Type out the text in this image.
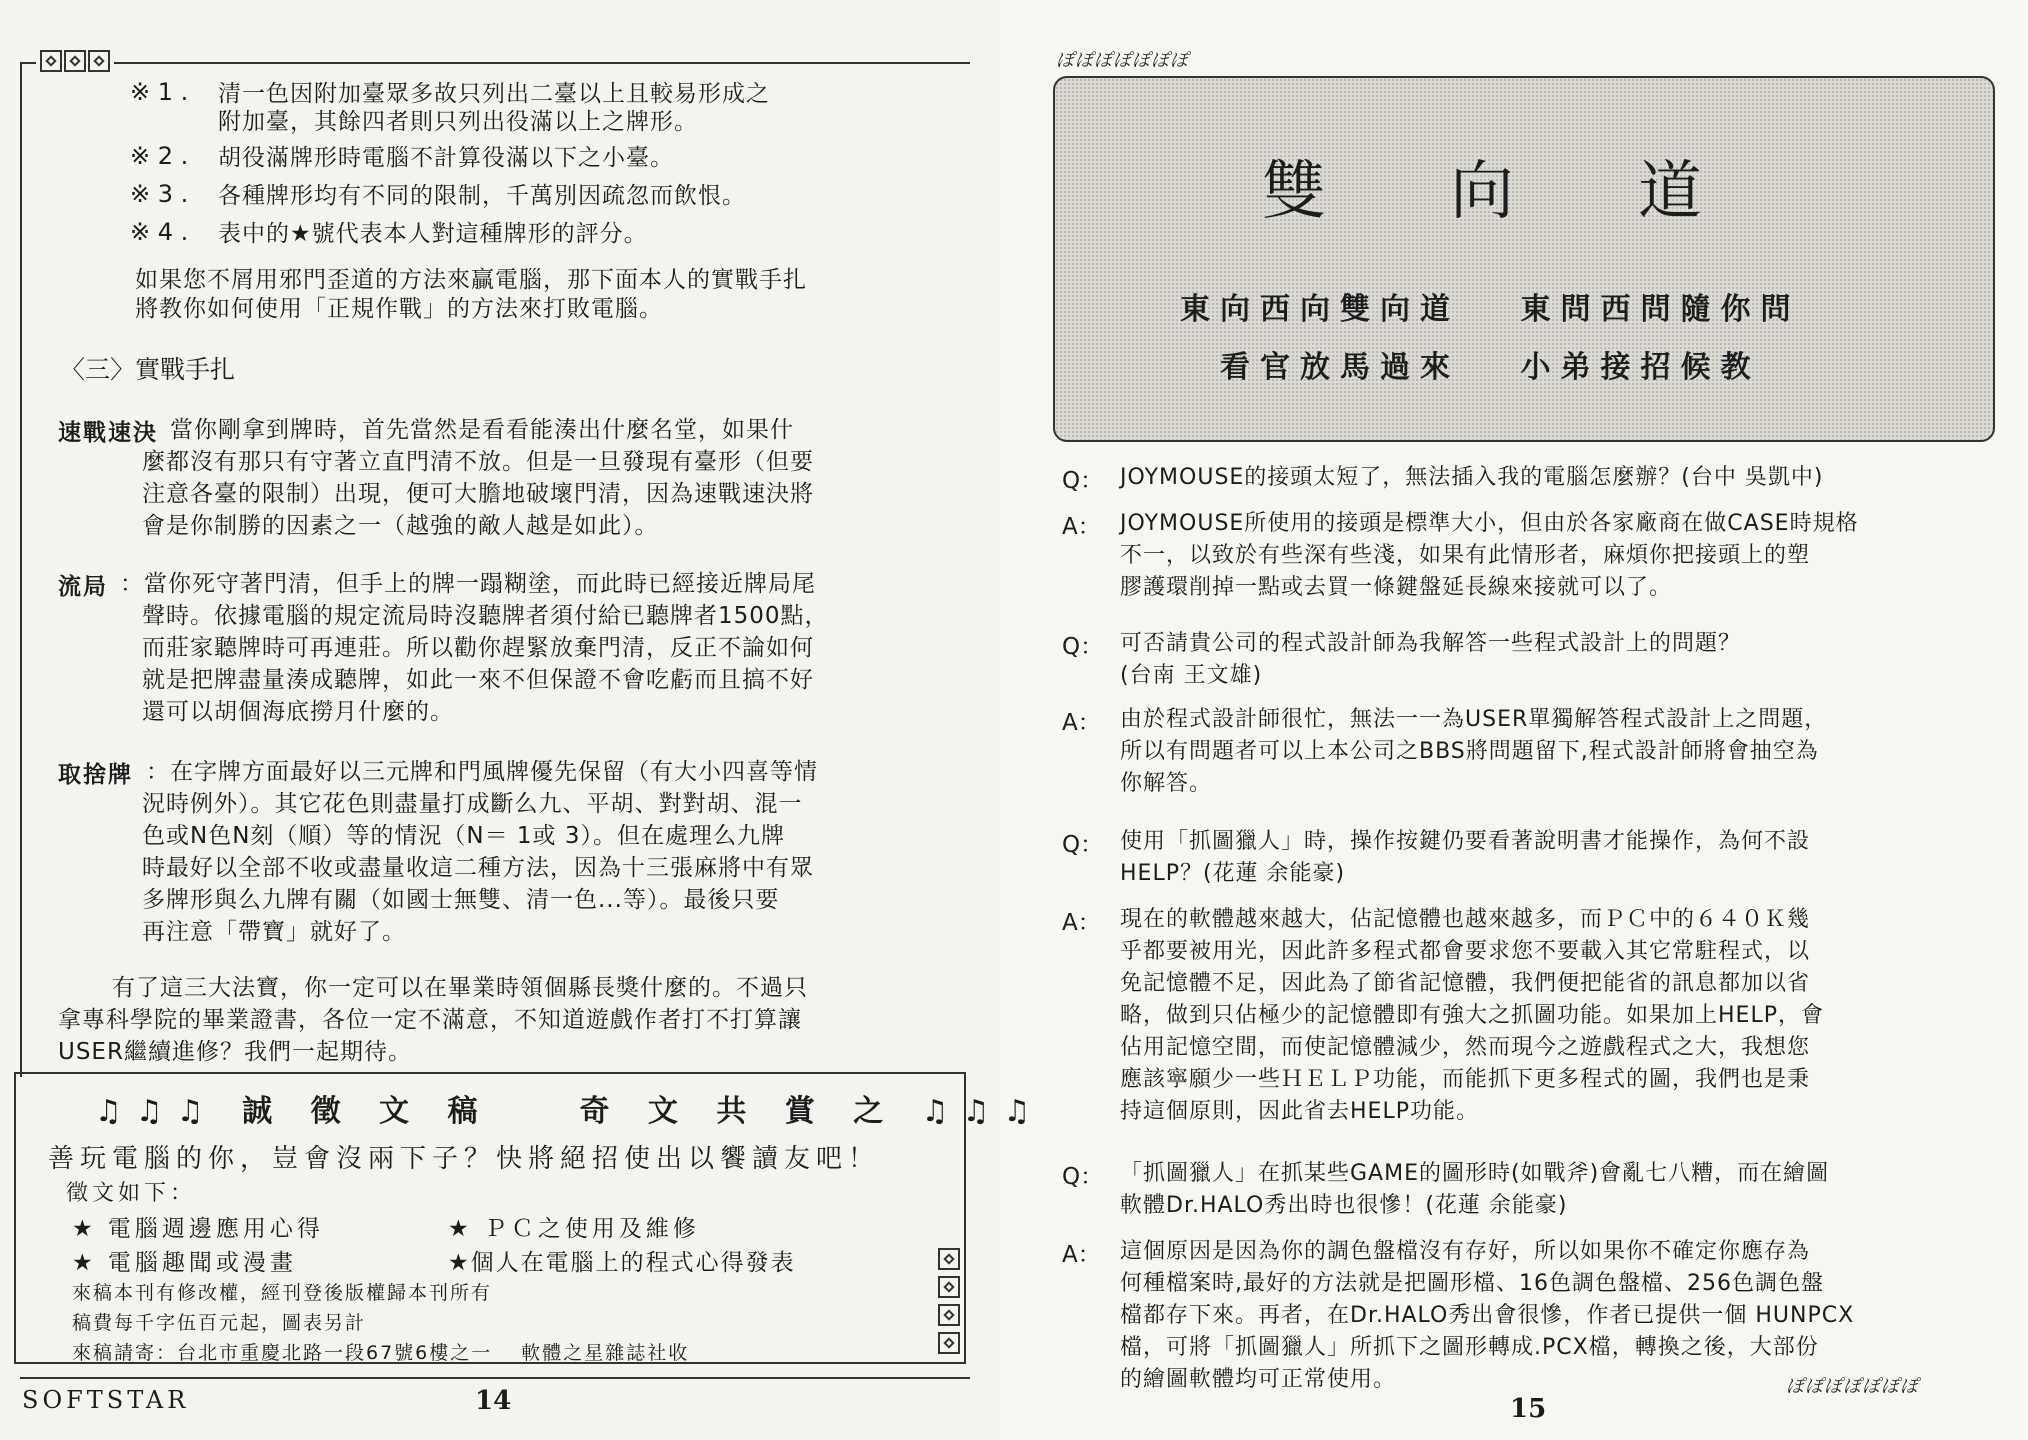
※ 1 . 清一色因附加臺眾多故只列出二臺以上且較易形成之
附加臺，其餘四者則只列出役滿以上之牌形。
※ 2 . 胡役滿牌形時電腦不計算役滿以下之小臺。
※ 3 . 各種牌形均有不同的限制，千萬別因疏忽而飲恨。
※ 4 . 表中的★號代表本人對這種牌形的評分。
如果您不屑用邪門歪道的方法來贏電腦，那下面本人的實戰手扎
將教你如何使用「正規作戰」的方法來打敗電腦。
〈三〉實戰手扎
速戰速決
：當你剛拿到牌時，首先當然是看看能湊出什麼名堂，如果什
麼都沒有那只有守著立直門清不放。但是一旦發現有臺形（但要
注意各臺的限制）出現，便可大膽地破壞門清，因為速戰速決將
會是你制勝的因素之一（越強的敵人越是如此）。
流局 ：當你死守著門清，但手上的牌一蹋糊塗，而此時已經接近牌局尾
聲時。依據電腦的規定流局時沒聽牌者須付給已聽牌者1500點，
而莊家聽牌時可再連莊。所以勸你趕緊放棄門清，反正不論如何
就是把牌盡量湊成聽牌，如此一來不但保證不會吃虧而且搞不好
還可以胡個海底撈月什麼的。
取捨牌 ：在字牌方面最好以三元牌和門風牌優先保留（有大小四喜等情
況時例外）。其它花色則盡量打成斷么九、平胡、對對胡、混一
色或N色N刻（順）等的情況（N＝ 1或 3）。但在處理么九牌
時最好以全部不收或盡量收這二種方法，因為十三張麻將中有眾
多牌形與么九牌有關（如國士無雙、清一色...等）。最後只要
再注意「帶寶」就好了。
有了這三大法寶，你一定可以在畢業時領個縣長獎什麼的。不過只
拿專科學院的畢業證書，各位一定不滿意，不知道遊戲作者打不打算讓
USER繼續進修？我們一起期待。
♫♫♫ 誠 徵 文 稿　　奇 文 共 賞 之 ♫♫♫
善玩電腦的你，豈會沒兩下子？快將絕招使出以饗讀友吧！
徵文如下：
★ 電腦週邊應用心得	★ ＰＣ之使用及維修
★ 電腦趣聞或漫畫	★個人在電腦上的程式心得發表
來稿本刊有修改權，經刊登後版權歸本刊所有
稿費每千字伍百元起，圖表另計
來稿請寄：台北市重慶北路一段67號6樓之一　 軟體之星雜誌社收
SOFTSTAR	14
ぽぽぽぽぽぽぽ
雙 向 道
東向西向雙向道　 東問西問隨你問
看官放馬過來　 小弟接招候教
Q： JOYMOUSE的接頭太短了，無法插入我的電腦怎麼辦？(台中 吳凱中)
A： JOYMOUSE所使用的接頭是標準大小，但由於各家廠商在做CASE時規格
不一，以致於有些深有些淺，如果有此情形者，麻煩你把接頭上的塑
膠護環削掉一點或去買一條鍵盤延長線來接就可以了。
Q： 可否請貴公司的程式設計師為我解答一些程式設計上的問題？
(台南 王文雄)
A： 由於程式設計師很忙，無法一一為USER單獨解答程式設計上之問題，
所以有問題者可以上本公司之BBS將問題留下,程式設計師將會抽空為
你解答。
Q： 使用「抓圖獵人」時，操作按鍵仍要看著說明書才能操作，為何不設
HELP？(花蓮 余能豪)
A： 現在的軟體越來越大，佔記憶體也越來越多，而ＰＣ中的６４０Ｋ幾
乎都要被用光，因此許多程式都會要求您不要載入其它常駐程式，以
免記憶體不足，因此為了節省記憶體，我們便把能省的訊息都加以省
略，做到只佔極少的記憶體即有強大之抓圖功能。如果加上HELP，會
佔用記憶空間，而使記憶體減少，然而現今之遊戲程式之大，我想您
應該寧願少一些ＨＥＬＰ功能，而能抓下更多程式的圖，我們也是秉
持這個原則，因此省去HELP功能。
Q： 「抓圖獵人」在抓某些GAME的圖形時(如戰斧)會亂七八糟，而在繪圖
軟體Dr.HALO秀出時也很慘！(花蓮 余能豪)
A： 這個原因是因為你的調色盤檔沒有存好，所以如果你不確定你應存為
何種檔案時,最好的方法就是把圖形檔、16色調色盤檔、256色調色盤
檔都存下來。再者，在Dr.HALO秀出會很慘，作者已提供一個 HUNPCX
檔，可將「抓圖獵人」所抓下之圖形轉成.PCX檔，轉換之後，大部份
的繪圖軟體均可正常使用。	ぽぽぽぽぽぽぽ
15
